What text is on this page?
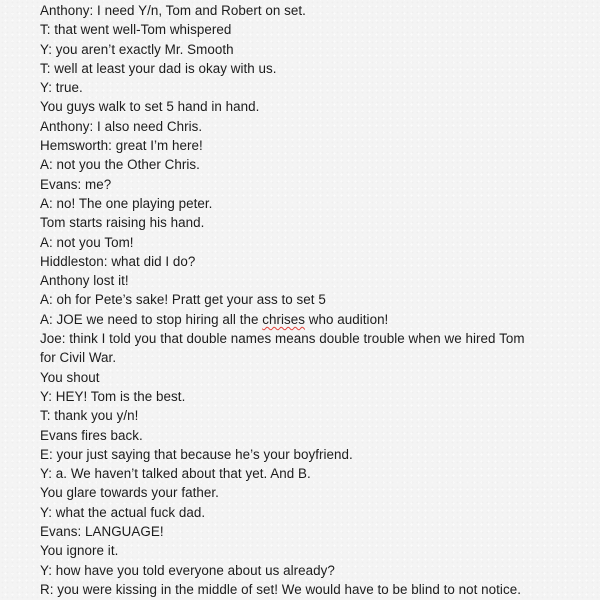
Anthony: I need Y/n, Tom and Robert on set.
T: that went well-Tom whispered
Y: you aren’t exactly Mr. Smooth
T: well at least your dad is okay with us.
Y: true.
You guys walk to set 5 hand in hand.
Anthony: I also need Chris.
Hemsworth: great I’m here!
A: not you the Other Chris.
Evans: me?
A: no! The one playing peter.
Tom starts raising his hand.
A: not you Tom!
Hiddleston: what did I do?
Anthony lost it!
A: oh for Pete’s sake! Pratt get your ass to set 5
A: JOE we need to stop hiring all the chrises who audition!
Joe: think I told you that double names means double trouble when we hired Tom for Civil War.
You shout
Y: HEY! Tom is the best.
T: thank you y/n!
Evans fires back.
E: your just saying that because he’s your boyfriend.
Y: a. We haven’t talked about that yet. And B.
You glare towards your father.
Y: what the actual fuck dad.
Evans: LANGUAGE!
You ignore it.
Y: how have you told everyone about us already?
R: you were kissing in the middle of set! We would have to be blind to not notice.
